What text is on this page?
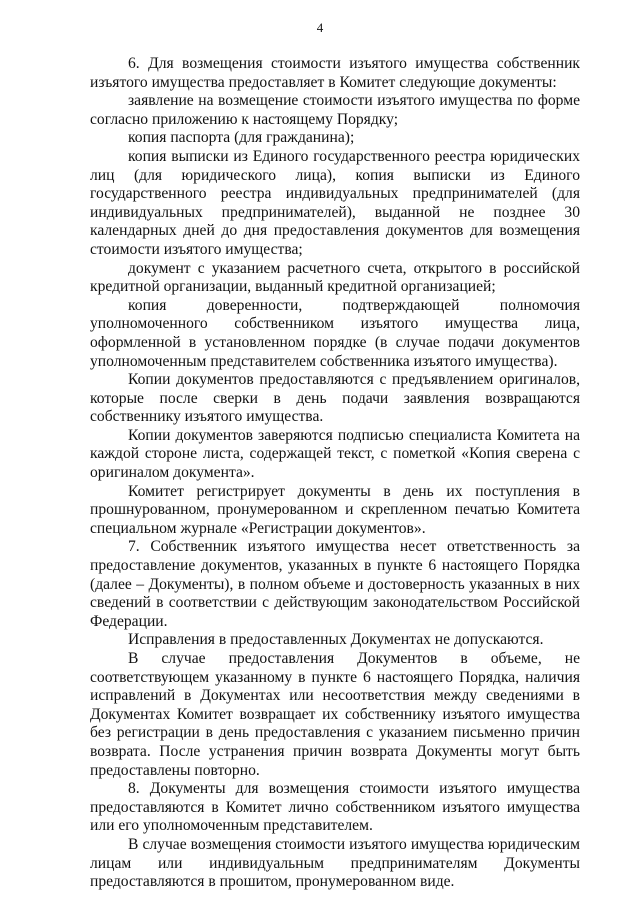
4

6. Для возмещения стоимости изъятого имущества собственник изъятого имущества предоставляет в Комитет следующие документы:

заявление на возмещение стоимости изъятого имущества по форме согласно приложению к настоящему Порядку;

копия паспорта (для гражданина);

копия выписки из Единого государственного реестра юридических лиц (для юридического лица), копия выписки из Единого государственного реестра индивидуальных предпринимателей (для индивидуальных предпринимателей), выданной не позднее 30 календарных дней до дня предоставления документов для возмещения стоимости изъятого имущества;

документ с указанием расчетного счета, открытого в российской кредитной организации, выданный кредитной организацией;

копия доверенности, подтверждающей полномочия уполномоченного собственником изъятого имущества лица, оформленной в установленном порядке (в случае подачи документов уполномоченным представителем собственника изъятого имущества).

Копии документов предоставляются с предъявлением оригиналов, которые после сверки в день подачи заявления возвращаются собственнику изъятого имущества.

Копии документов заверяются подписью специалиста Комитета на каждой стороне листа, содержащей текст, с пометкой «Копия сверена с оригиналом документа».

Комитет регистрирует документы в день их поступления в прошнурованном, пронумерованном и скрепленном печатью Комитета специальном журнале «Регистрации документов».

7. Собственник изъятого имущества несет ответственность за предоставление документов, указанных в пункте 6 настоящего Порядка (далее – Документы), в полном объеме и достоверность указанных в них сведений в соответствии с действующим законодательством Российской Федерации.

Исправления в предоставленных Документах не допускаются.

В случае предоставления Документов в объеме, не соответствующем указанному в пункте 6 настоящего Порядка, наличия исправлений в Документах или несоответствия между сведениями в Документах Комитет возвращает их собственнику изъятого имущества без регистрации в день предоставления с указанием письменно причин возврата. После устранения причин возврата Документы могут быть предоставлены повторно.

8. Документы для возмещения стоимости изъятого имущества предоставляются в Комитет лично собственником изъятого имущества или его уполномоченным представителем.

В случае возмещения стоимости изъятого имущества юридическим лицам или индивидуальным предпринимателям Документы предоставляются в прошитом, пронумерованном виде.
